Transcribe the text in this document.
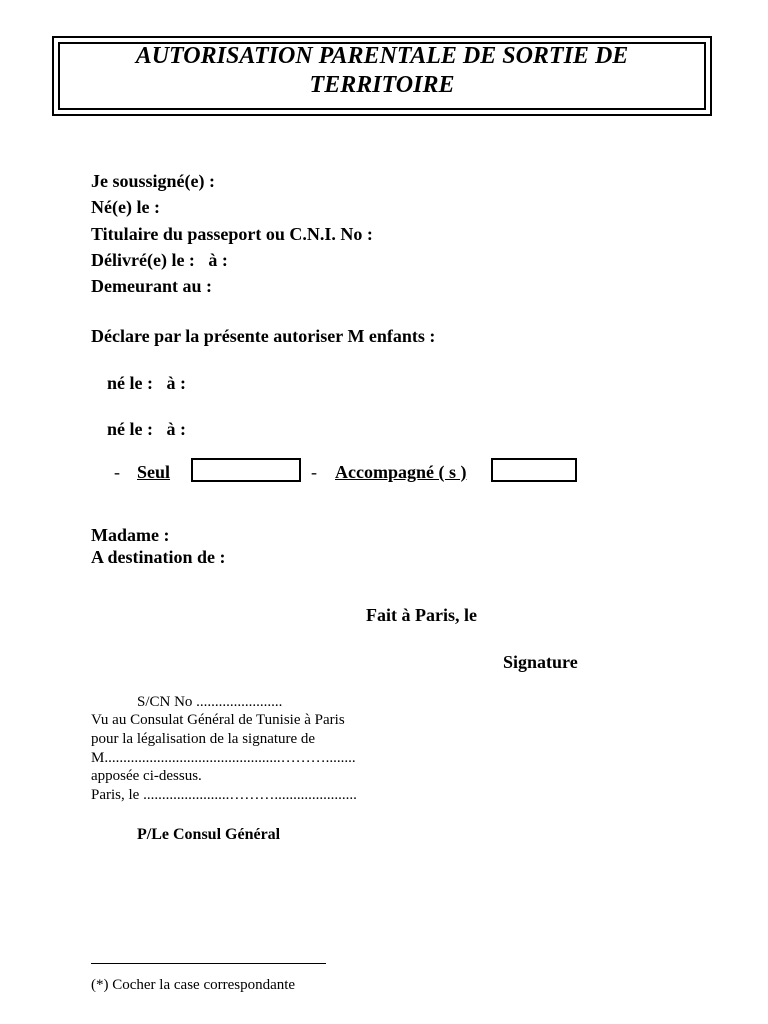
AUTORISATION PARENTALE DE SORTIE DE
TERRITOIRE
Je soussigné(e) :
Né(e) le :
Titulaire du passeport ou C.N.I. No :
Délivré(e) le :   à :
Demeurant au :
Déclare par la présente autoriser M enfants :
né le :   à :
né le :   à :
- Seul	- Accompagné ( s )
Madame :
A destination de :
Fait à Paris, le
Signature
S/CN No .......................
Vu au Consulat Général de Tunisie à Paris
pour la légalisation de la signature de
M...............................................………........
apposée ci-dessus.
Paris, le .......................………......................
P/Le Consul Général
(*) Cocher la case correspondante
